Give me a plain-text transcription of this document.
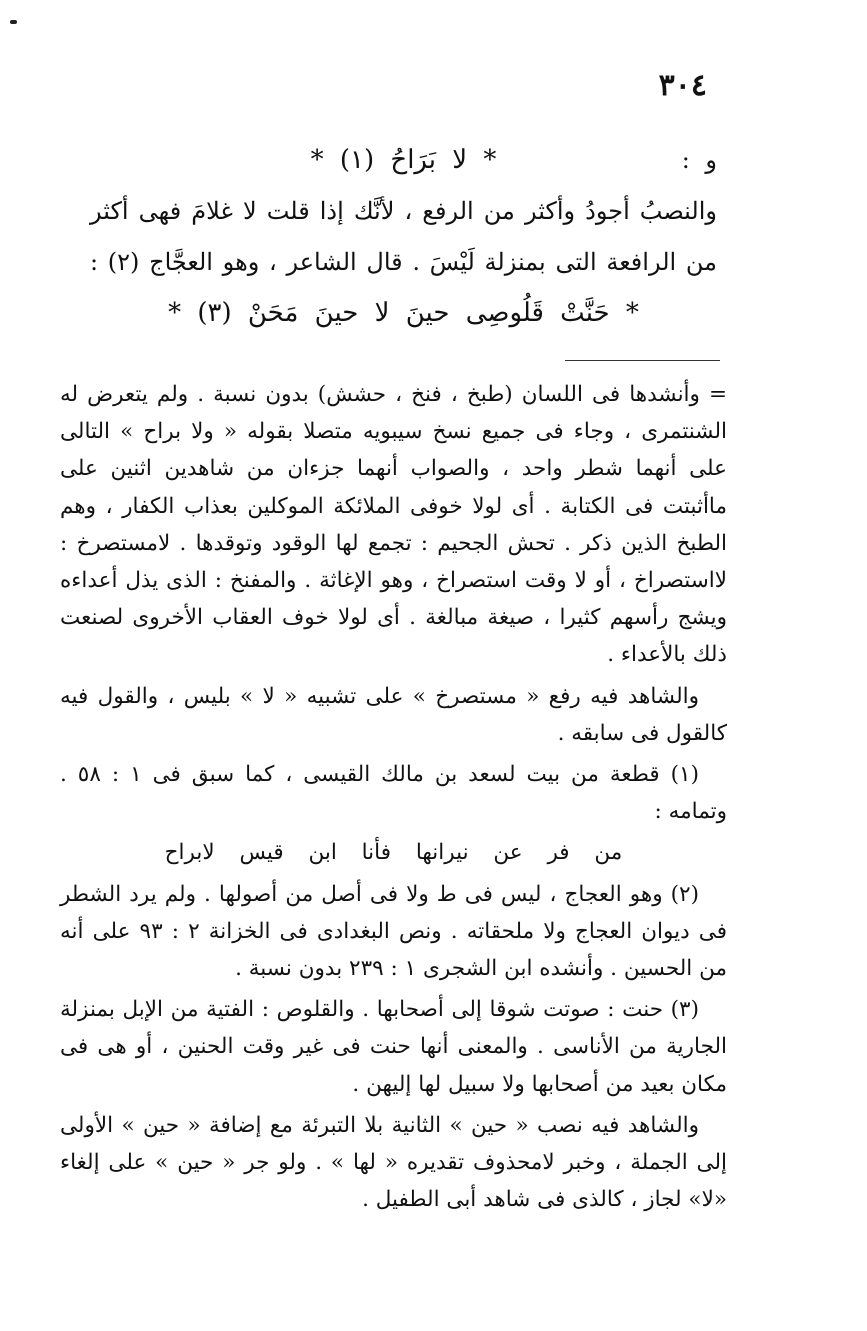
٣٠٤
و :
* لا بَرَاحُ (١) *
والنصبُ أجودُ وأكثر من الرفع ، لأنَّك إذا قلت لا غلامَ فهى أكثر
من الرافعة التى بمنزلة لَيْسَ . قال الشاعر ، وهو العجَّاج (٢) :
* حَنَّتْ قَلُوصِى حينَ لا حينَ مَحَنْ (٣) *

= وأنشدها فى اللسان (طبخ ، فنخ ، حشش) بدون نسبة . ولم يتعرض له الشنتمرى ، وجاء فى جميع نسخ سيبويه متصلا بقوله « ولا براح » التالى على أنهما شطر واحد ، والصواب أنهما جزءان من شاهدين اثنين على ماأثبتت فى الكتابة . أى لولا خوفى الملائكة الموكلين بعذاب الكفار ، وهم الطبخ الذين ذكر . تحش الجحيم : تجمع لها الوقود وتوقدها . لامستصرخ : لااستصراخ ، أو لا وقت استصراخ ، وهو الإغاثة . والمفنخ : الذى يذل أعداءه ويشج رأسهم كثيرا ، صيغة مبالغة . أى لولا خوف العقاب الأخروى لصنعت ذلك بالأعداء .

والشاهد فيه رفع « مستصرخ » على تشبيه « لا » بليس ، والقول فيه كالقول فى سابقه .

(١) قطعة من بيت لسعد بن مالك القيسى ، كما سبق فى ١ : ٥٨ . وتمامه :

من فر عن نيرانها فأنا ابن قيس لابراح

(٢) وهو العجاج ، ليس فى ط ولا فى أصل من أصولها . ولم يرد الشطر فى ديوان العجاج ولا ملحقاته . ونص البغدادى فى الخزانة ٢ : ٩٣ على أنه من الحسين . وأنشده ابن الشجرى ١ : ٢٣٩ بدون نسبة .

(٣) حنت : صوتت شوقا إلى أصحابها . والقلوص : الفتية من الإبل بمنزلة الجارية من الأناسى . والمعنى أنها حنت فى غير وقت الحنين ، أو هى فى مكان بعيد من أصحابها ولا سبيل لها إليهن .

والشاهد فيه نصب « حين » الثانية بلا التبرئة مع إضافة « حين » الأولى إلى الجملة ، وخبر لامحذوف تقديره « لها » . ولو جر « حين » على إلغاء «لا» لجاز ، كالذى فى شاهد أبى الطفيل .
